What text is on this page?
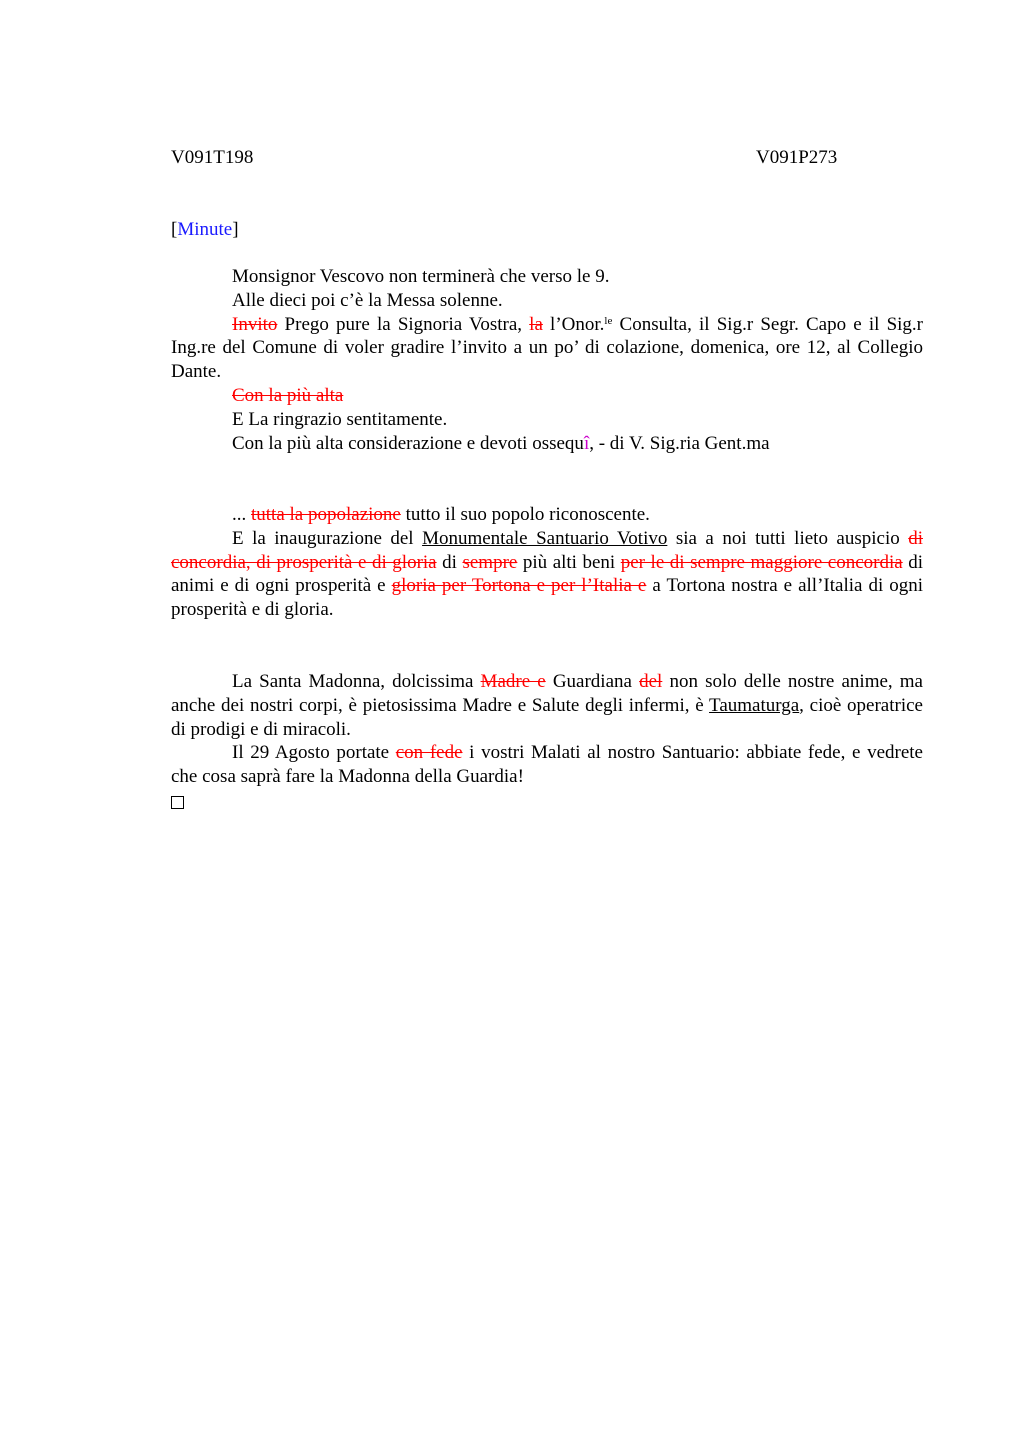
V091T198	V091P273
[Minute]

Monsignor Vescovo non terminerà che verso le 9.

Alle dieci poi c’è la Messa solenne.

Invito Prego pure la Signoria Vostra, la l’Onor.$^{le}$ Consulta, il Sig.r Segr. Capo e il Sig.r Ing.re del Comune di voler gradire l’invito a un po’ di colazione, domenica, ore 12, al Collegio Dante.

Con la più alta

E La ringrazio sentitamente.

Con la più alta considerazione e devoti ossequî, - di V. Sig.ria Gent.ma

... tutta la popolazione tutto il suo popolo riconoscente.

E la inaugurazione del Monumentale Santuario Votivo sia a noi tutti lieto auspicio di concordia, di prosperità e di gloria di sempre più alti beni per le di sempre maggiore concordia di animi e di ogni prosperità e gloria per Tortona e per l’Italia e a Tortona nostra e all’Italia di ogni prosperità e di gloria.

La Santa Madonna, dolcissima Madre e Guardiana del non solo delle nostre anime, ma anche dei nostri corpi, è pietosissima Madre e Salute degli infermi, è Taumaturga, cioè operatrice di prodigi e di miracoli.

Il 29 Agosto portate con fede i vostri Malati al nostro Santuario: abbiate fede, e vedrete che cosa saprà fare la Madonna della Guardia!
